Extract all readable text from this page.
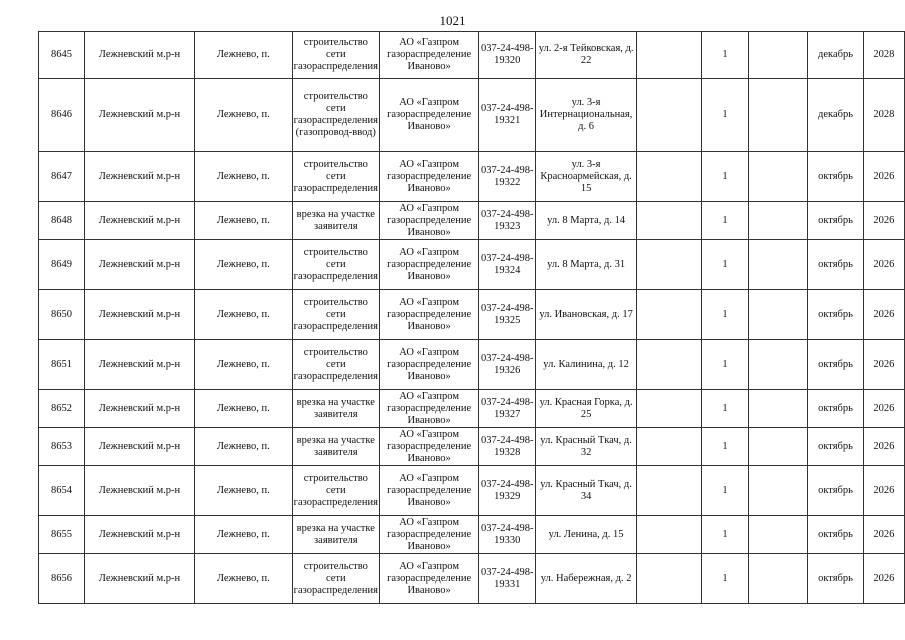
1021
8645	Лежневский м.р-н	Лежнево, п.	строительство сети газораспределения	АО «Газпром газораспределение Иваново»	037-24-498-19320	ул. 2-я Тейковская, д. 22		1		декабрь	2028
8646	Лежневский м.р-н	Лежнево, п.	строительство сети газораспределения (газопровод-ввод)	АО «Газпром газораспределение Иваново»	037-24-498-19321	ул. 3-я Интернациональная, д. 6		1		декабрь	2028
8647	Лежневский м.р-н	Лежнево, п.	строительство сети газораспределения	АО «Газпром газораспределение Иваново»	037-24-498-19322	ул. 3-я Красноармейская, д. 15		1		октябрь	2026
8648	Лежневский м.р-н	Лежнево, п.	врезка на участке заявителя	АО «Газпром газораспределение Иваново»	037-24-498-19323	ул. 8 Марта, д. 14		1		октябрь	2026
8649	Лежневский м.р-н	Лежнево, п.	строительство сети газораспределения	АО «Газпром газораспределение Иваново»	037-24-498-19324	ул. 8 Марта, д. 31		1		октябрь	2026
8650	Лежневский м.р-н	Лежнево, п.	строительство сети газораспределения	АО «Газпром газораспределение Иваново»	037-24-498-19325	ул. Ивановская, д. 17		1		октябрь	2026
8651	Лежневский м.р-н	Лежнево, п.	строительство сети газораспределения	АО «Газпром газораспределение Иваново»	037-24-498-19326	ул. Калинина, д. 12		1		октябрь	2026
8652	Лежневский м.р-н	Лежнево, п.	врезка на участке заявителя	АО «Газпром газораспределение Иваново»	037-24-498-19327	ул. Красная Горка, д. 25		1		октябрь	2026
8653	Лежневский м.р-н	Лежнево, п.	врезка на участке заявителя	АО «Газпром газораспределение Иваново»	037-24-498-19328	ул. Красный Ткач, д. 32		1		октябрь	2026
8654	Лежневский м.р-н	Лежнево, п.	строительство сети газораспределения	АО «Газпром газораспределение Иваново»	037-24-498-19329	ул. Красный Ткач, д. 34		1		октябрь	2026
8655	Лежневский м.р-н	Лежнево, п.	врезка на участке заявителя	АО «Газпром газораспределение Иваново»	037-24-498-19330	ул. Ленина, д. 15		1		октябрь	2026
8656	Лежневский м.р-н	Лежнево, п.	строительство сети газораспределения	АО «Газпром газораспределение Иваново»	037-24-498-19331	ул. Набережная, д. 2		1		октябрь	2026
